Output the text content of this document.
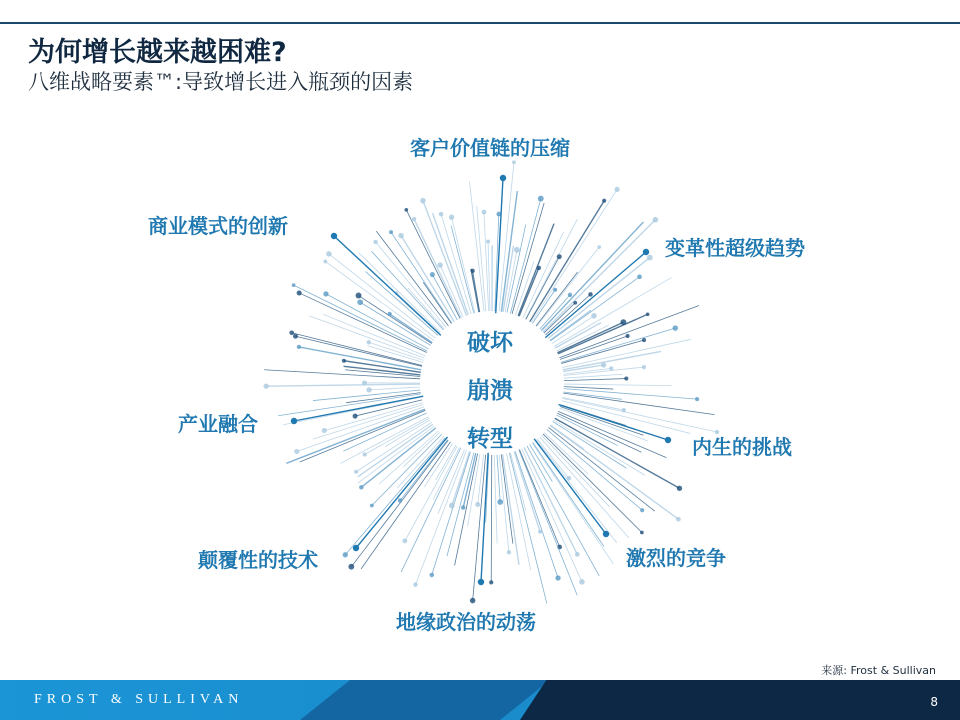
为何增长越来越困难?
八维战略要素™:导致增长进入瓶颈的因素
破坏
崩溃
转型
客户价值链的压缩
变革性超级趋势
内生的挑战
激烈的竞争
地缘政治的动荡
颠覆性的技术
产业融合
商业模式的创新
来源: Frost & Sullivan
FROST & SULLIVAN	8
